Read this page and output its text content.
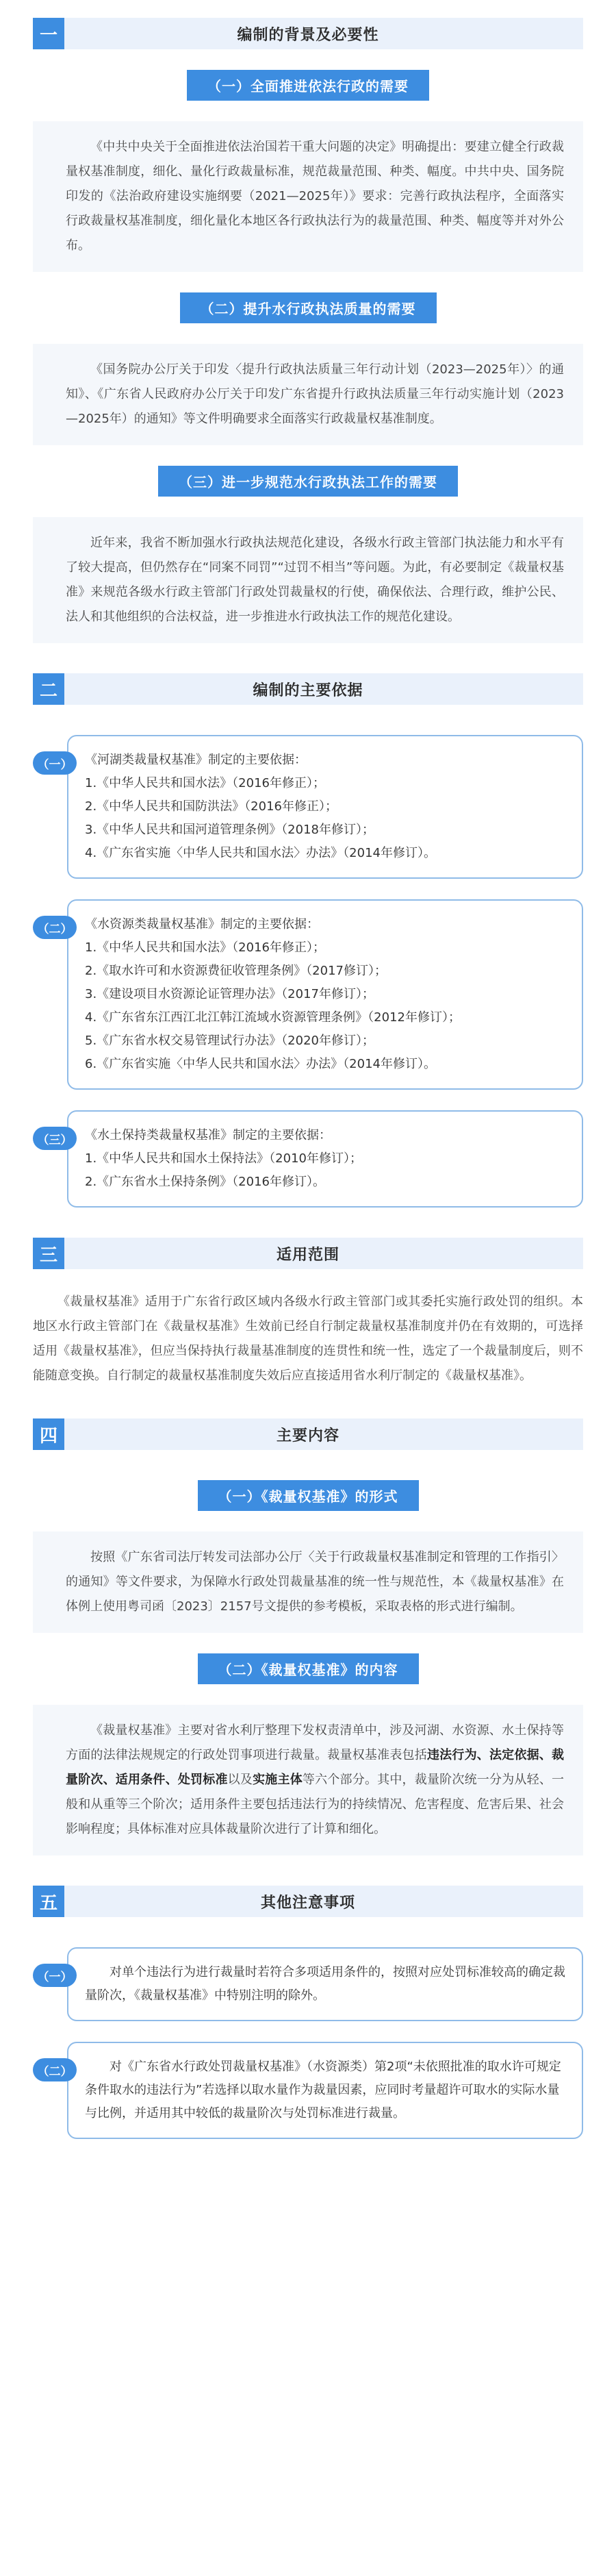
一	编制的背景及必要性
（一）全面推进依法行政的需要
《中共中央关于全面推进依法治国若干重大问题的决定》明确提出：要建立健全行政裁量权基准制度，细化、量化行政裁量标准，规范裁量范围、种类、幅度。中共中央、国务院印发的《法治政府建设实施纲要（2021—2025年）》要求：完善行政执法程序，全面落实行政裁量权基准制度，细化量化本地区各行政执法行为的裁量范围、种类、幅度等并对外公布。
（二）提升水行政执法质量的需要
《国务院办公厅关于印发〈提升行政执法质量三年行动计划（2023—2025年）〉的通知》、《广东省人民政府办公厅关于印发广东省提升行政执法质量三年行动实施计划（2023—2025年）的通知》等文件明确要求全面落实行政裁量权基准制度。
（三）进一步规范水行政执法工作的需要
近年来，我省不断加强水行政执法规范化建设，各级水行政主管部门执法能力和水平有了较大提高，但仍然存在“同案不同罚”“过罚不相当”等问题。为此，有必要制定《裁量权基准》来规范各级水行政主管部门行政处罚裁量权的行使，确保依法、合理行政，维护公民、法人和其他组织的合法权益，进一步推进水行政执法工作的规范化建设。
二	编制的主要依据
（一）	《河湖类裁量权基准》制定的主要依据：
1.《中华人民共和国水法》（2016年修正）；
2.《中华人民共和国防洪法》（2016年修正）；
3.《中华人民共和国河道管理条例》（2018年修订）；
4.《广东省实施〈中华人民共和国水法〉办法》（2014年修订）。
（二）	《水资源类裁量权基准》制定的主要依据：
1.《中华人民共和国水法》（2016年修正）；
2.《取水许可和水资源费征收管理条例》（2017修订）；
3.《建设项目水资源论证管理办法》（2017年修订）；
4.《广东省东江西江北江韩江流域水资源管理条例》（2012年修订）；
5.《广东省水权交易管理试行办法》（2020年修订）；
6.《广东省实施〈中华人民共和国水法〉办法》（2014年修订）。
（三）	《水土保持类裁量权基准》制定的主要依据：
1.《中华人民共和国水土保持法》（2010年修订）；
2.《广东省水土保持条例》（2016年修订）。
三	适用范围
《裁量权基准》适用于广东省行政区域内各级水行政主管部门或其委托实施行政处罚的组织。本地区水行政主管部门在《裁量权基准》生效前已经自行制定裁量权基准制度并仍在有效期的，可选择适用《裁量权基准》，但应当保持执行裁量基准制度的连贯性和统一性，选定了一个裁量制度后，则不能随意变换。自行制定的裁量权基准制度失效后应直接适用省水利厅制定的《裁量权基准》。
四	主要内容
（一）《裁量权基准》的形式
按照《广东省司法厅转发司法部办公厅〈关于行政裁量权基准制定和管理的工作指引〉的通知》等文件要求，为保障水行政处罚裁量基准的统一性与规范性，本《裁量权基准》在体例上使用粤司函〔2023〕2157号文提供的参考模板，采取表格的形式进行编制。
（二）《裁量权基准》的内容
《裁量权基准》主要对省水利厅整理下发权责清单中，涉及河湖、水资源、水土保持等方面的法律法规规定的行政处罚事项进行裁量。裁量权基准表包括违法行为、法定依据、裁量阶次、适用条件、处罚标准以及实施主体等六个部分。其中，裁量阶次统一分为从轻、一般和从重等三个阶次；适用条件主要包括违法行为的持续情况、危害程度、危害后果、社会影响程度；具体标准对应具体裁量阶次进行了计算和细化。
五	其他注意事项
（一）	对单个违法行为进行裁量时若符合多项适用条件的，按照对应处罚标准较高的确定裁量阶次，《裁量权基准》中特别注明的除外。
（二）	对《广东省水行政处罚裁量权基准》（水资源类）第2项“未依照批准的取水许可规定条件取水的违法行为”若选择以取水量作为裁量因素，应同时考量超许可取水的实际水量与比例，并适用其中较低的裁量阶次与处罚标准进行裁量。
